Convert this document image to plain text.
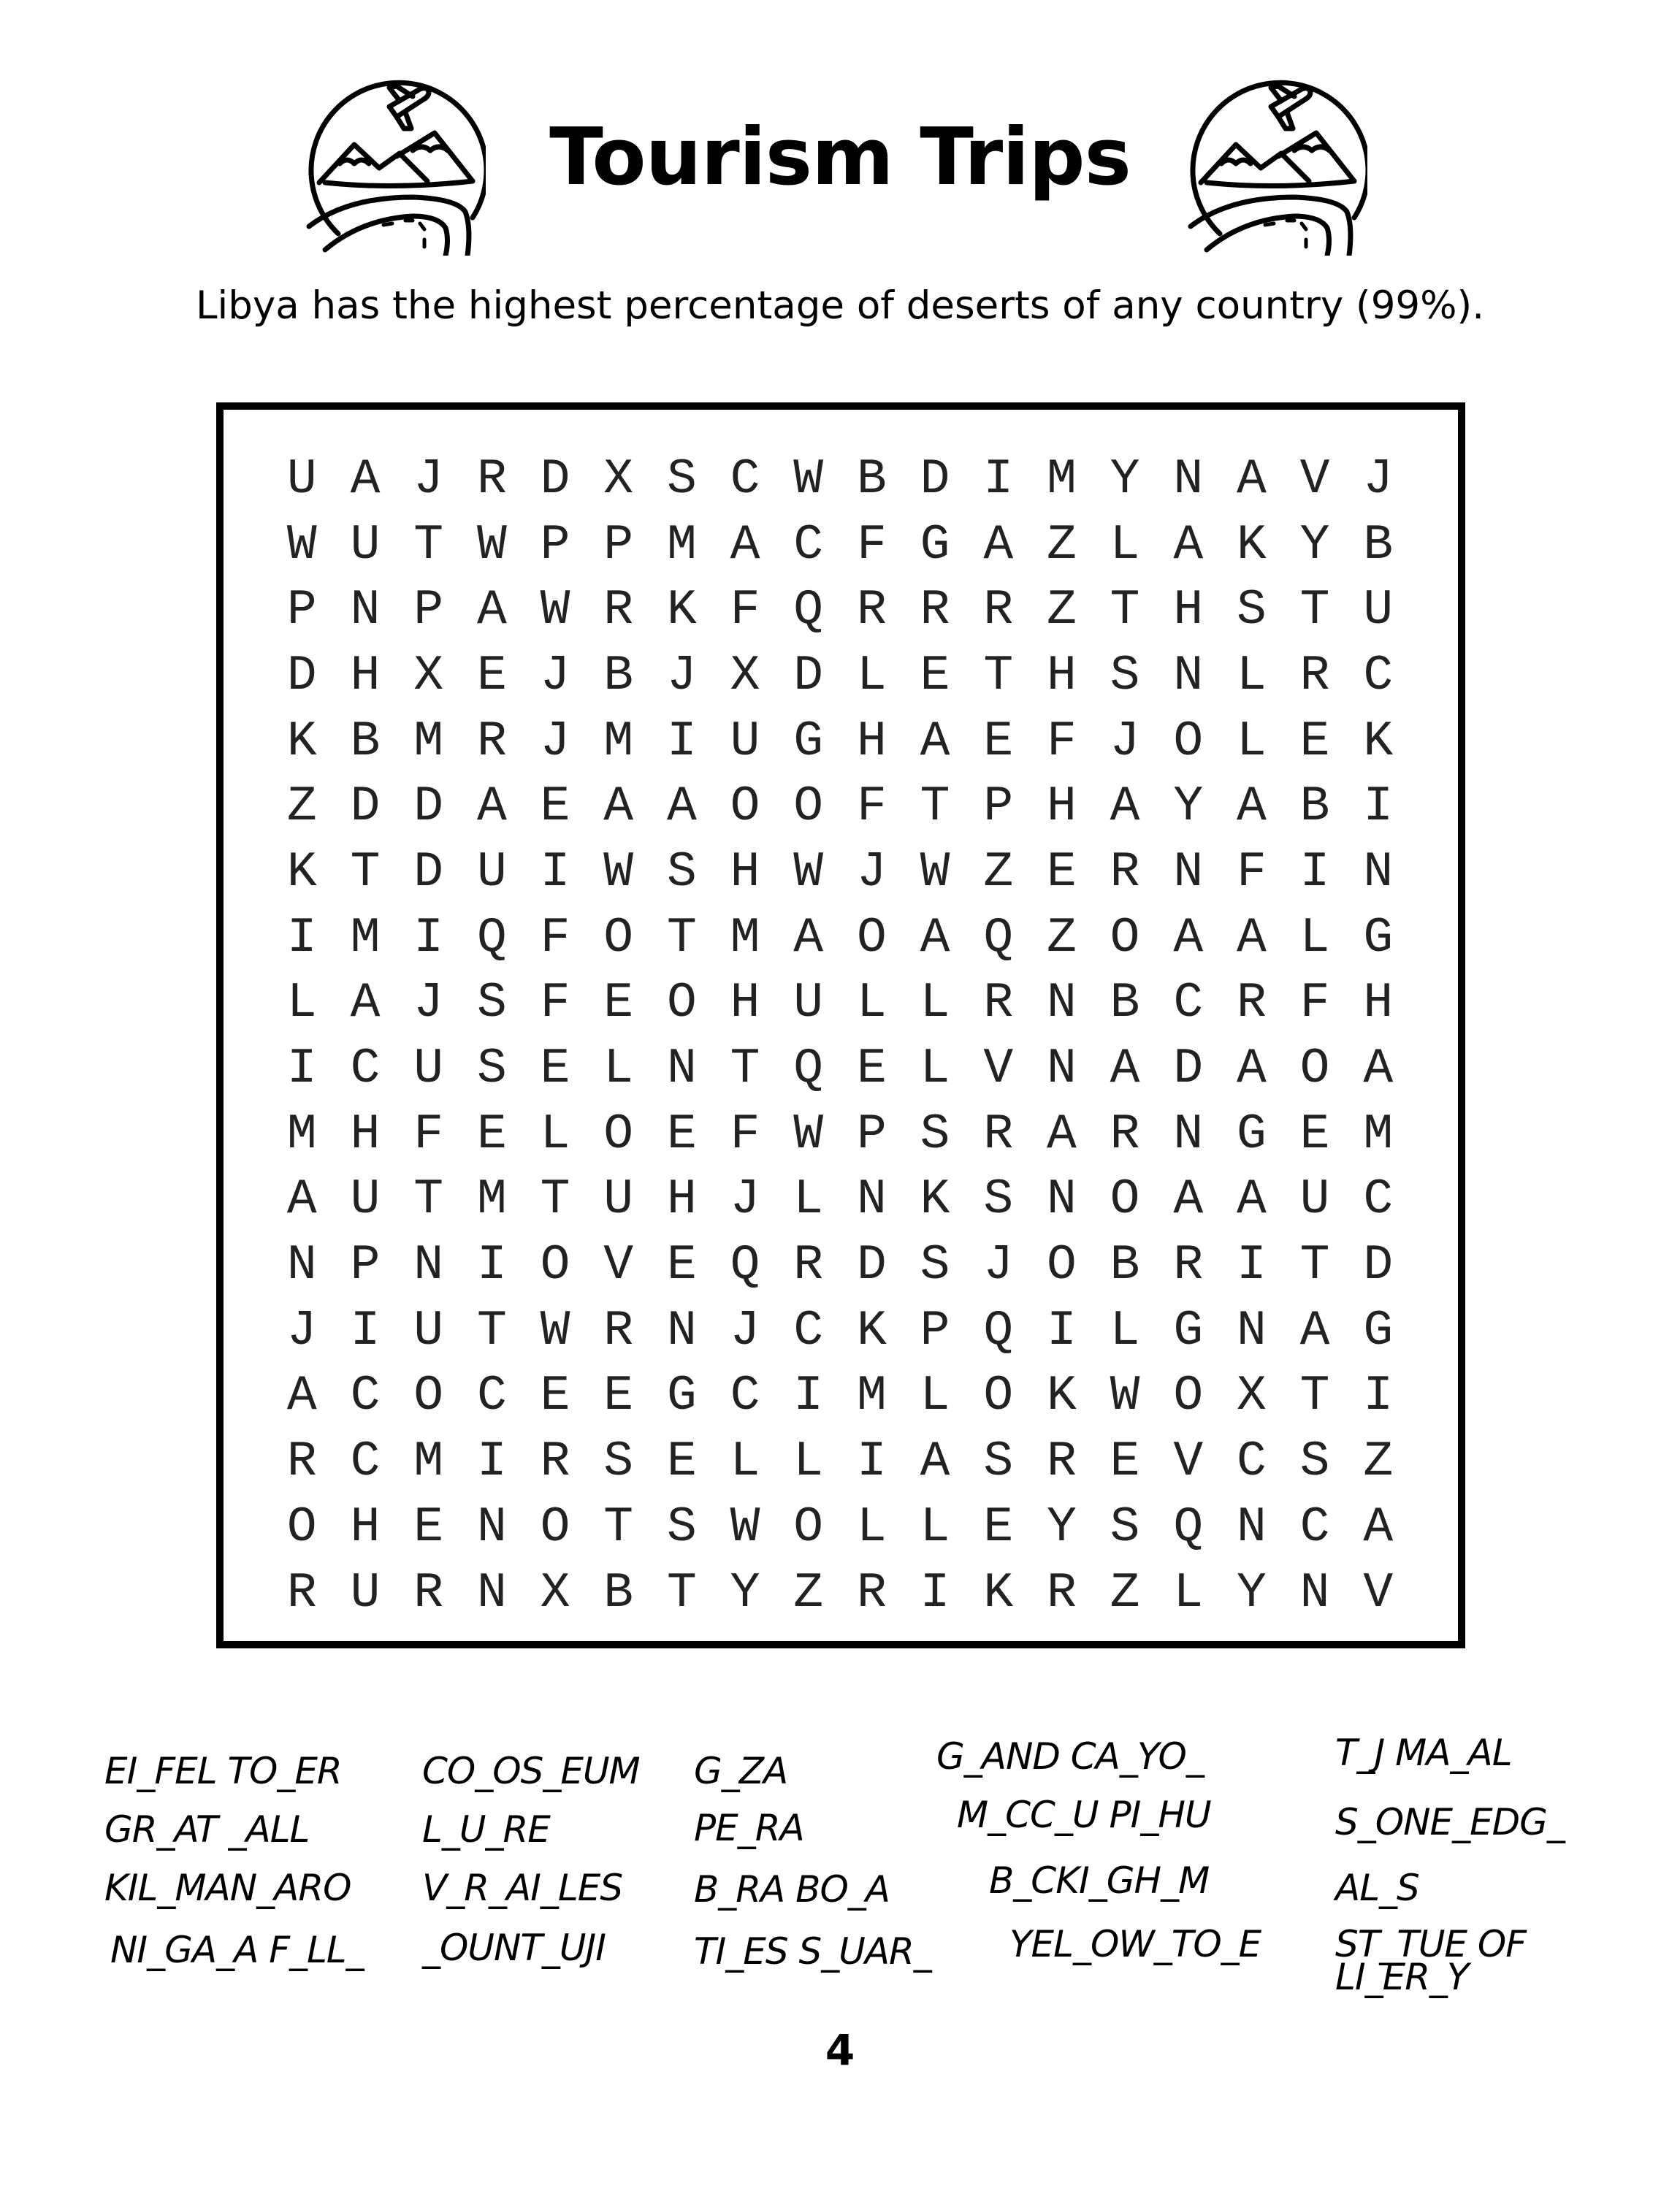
Tourism Trips
Libya has the highest percentage of deserts of any country (99%).
U A J R D X S C W B D I M Y N A V J
W U T W P P M A C F G A Z L A K Y B
P N P A W R K F Q R R R Z T H S T U
D H X E J B J X D L E T H S N L R C
K B M R J M I U G H A E F J O L E K
Z D D A E A A O O F T P H A Y A B I
K T D U I W S H W J W Z E R N F I N
I M I Q F O T M A O A Q Z O A A L G
L A J S F E O H U L L R N B C R F H
I C U S E L N T Q E L V N A D A O A
M H F E L O E F W P S R A R N G E M
A U T M T U H J L N K S N O A A U C
N P N I O V E Q R D S J O B R I T D
J I U T W R N J C K P Q I L G N A G
A C O C E E G C I M L O K W O X T I
R C M I R S E L L I A S R E V C S Z
O H E N O T S W O L L E Y S Q N C A
R U R N X B T Y Z R I K R Z L Y N V
EI_FEL TO_ER
GR_AT _ALL
KIL_MAN_ARO
NI_GA_A F_LL_
CO_OS_EUM
L_U_RE
V_R_AI_LES
_OUNT_UJI
G_ZA
PE_RA
B_RA BO_A
TI_ES S_UAR_
G_AND CA_YO_
M_CC_U PI_HU
B_CKI_GH_M
YEL_OW_TO_E
T_J MA_AL
S_ONE_EDG_
AL_S
ST_TUE OF LI_ER_Y
4
